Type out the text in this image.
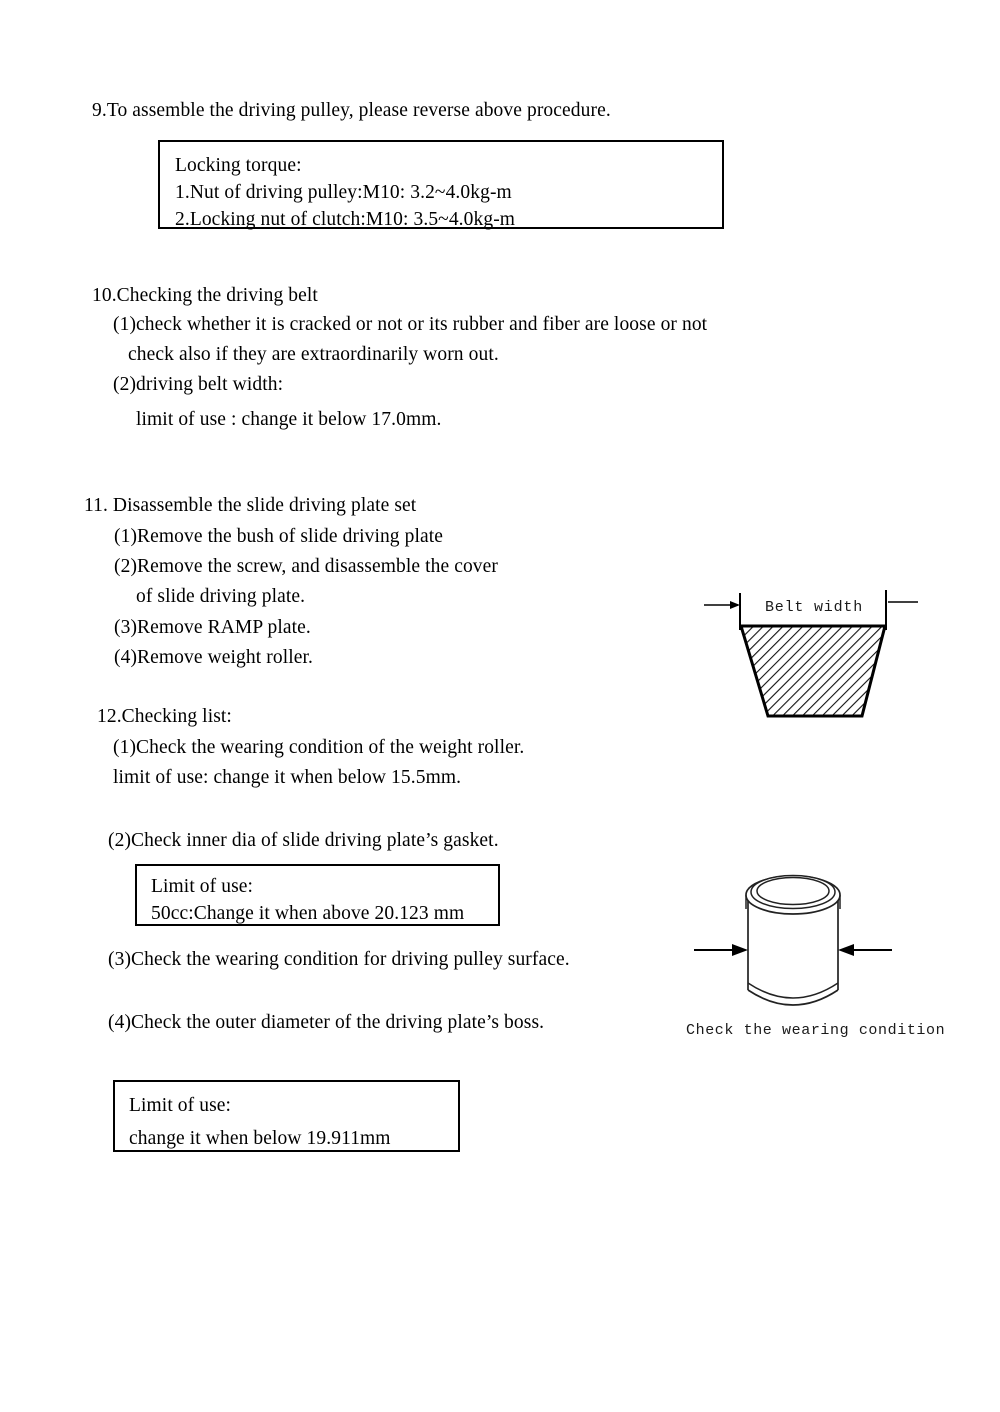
9.To assemble the driving pulley, please reverse above procedure.
Locking torque:
1.Nut of driving pulley:M10: 3.2~4.0kg-m
2.Locking nut of clutch:M10: 3.5~4.0kg-m
10.Checking the driving belt
(1)check whether it is cracked or not or its rubber and fiber are loose or not
check also if they are extraordinarily worn out.
(2)driving belt width:
limit of use : change it below 17.0mm.
11. Disassemble the slide driving plate set
(1)Remove the bush of slide driving plate
(2)Remove the screw, and disassemble the cover
of slide driving plate.
(3)Remove RAMP plate.
(4)Remove weight roller.
12.Checking list:
(1)Check the wearing condition of the weight roller.
limit of use: change it when below 15.5mm.
(2)Check inner dia of slide driving plate’s gasket.
Limit of use:
50cc:Change it when above 20.123 mm
(3)Check the wearing condition for driving pulley surface.
(4)Check the outer diameter of the driving plate’s boss.
Limit of use:
change it when below 19.911mm
Belt width
Check the wearing condition
